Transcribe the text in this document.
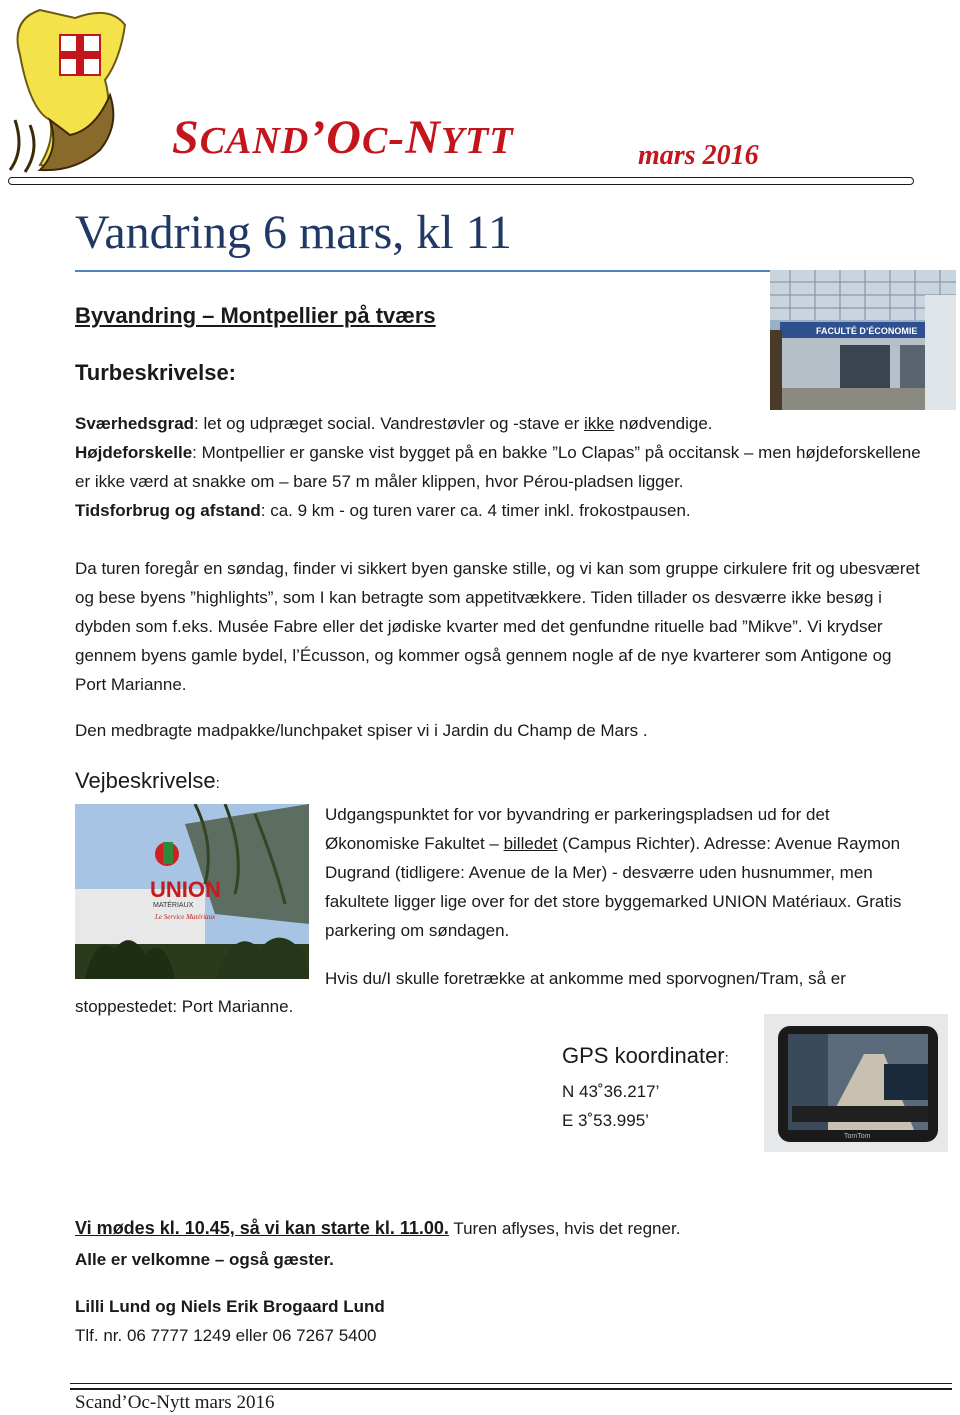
SCAND’OC-NYTT	mars 2016
Vandring 6 mars, kl 11
Byvandring – Montpellier på tværs
Turbeskrivelse:
FACULTÉ D’ÉCONOMIE
Sværhedsgrad: let og udpræget social. Vandrestøvler og -stave er ikke nødvendige.
Højdeforskelle: Montpellier er ganske vist bygget på en bakke ”Lo Clapas” på occitansk – men højdeforskellene er ikke værd at snakke om – bare 57 m måler klippen, hvor Pérou-pladsen ligger.
Tidsforbrug og afstand: ca. 9 km - og turen varer ca. 4 timer inkl. frokostpausen.
Da turen foregår en søndag, finder vi sikkert byen ganske stille, og vi kan som gruppe cirkulere frit og ubesværet og bese byens ”highlights”, som I kan betragte som appetitvækkere. Tiden tillader os desværre ikke besøg i dybden som f.eks. Musée Fabre eller det jødiske kvarter med det genfundne rituelle bad ”Mikve”. Vi krydser gennem byens gamle bydel, l’Écusson, og kommer også gennem nogle af de nye kvarterer som Antigone og Port Marianne.
Den medbragte madpakke/lunchpaket spiser vi i Jardin du Champ de Mars .
Vejbeskrivelse:
UNION
MATÉRIAUX
Le Service Matériaux
Udgangspunktet for vor byvandring er parkeringspladsen ud for det Økonomiske Fakultet – billedet (Campus Richter). Adresse: Avenue Raymon Dugrand (tidligere: Avenue de la Mer) - desværre uden husnummer, men fakultete ligger lige over for det store byggemarked UNION Matériaux. Gratis parkering om søndagen.
Hvis du/I skulle foretrække at ankomme med sporvognen/Tram, så er
stoppestedet: Port Marianne.
GPS koordinater:
N 43˚36.217’
E 3˚53.995’
TomTom
Vi mødes kl. 10.45, så vi kan starte kl. 11.00. Turen aflyses, hvis det regner.
Alle er velkomne – også gæster.
Lilli Lund og Niels Erik Brogaard Lund
Tlf. nr. 06 7777 1249 eller 06 7267 5400
Scand’Oc-Nytt mars 2016
